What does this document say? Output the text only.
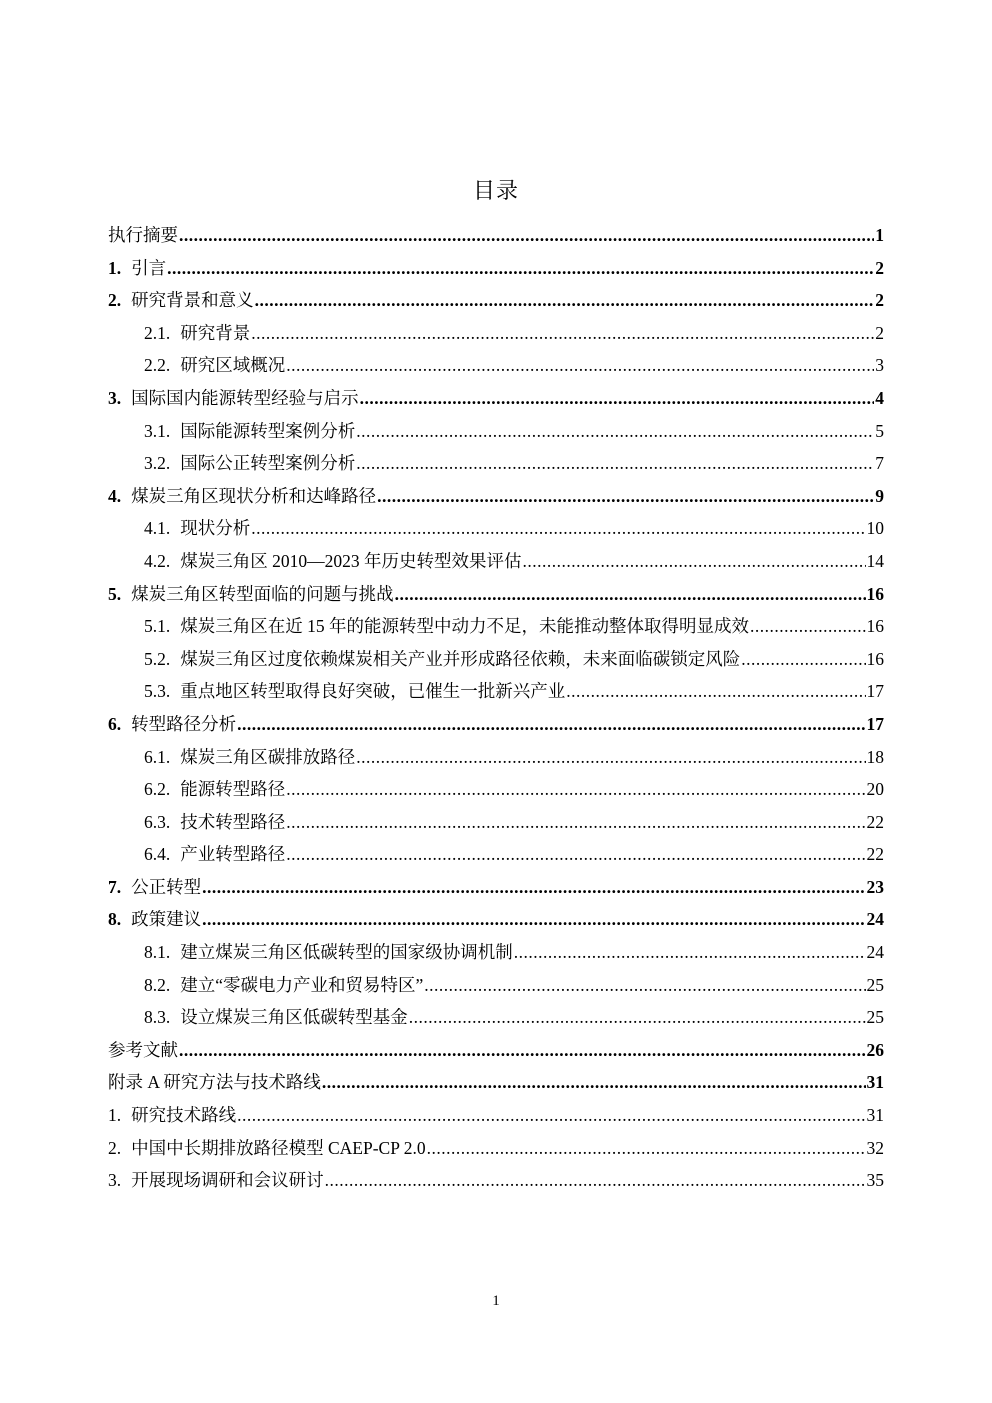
目录
执行摘要 .....	1
1. 引言 .....	2
2. 研究背景和意义 .....	2
2.1. 研究背景 .....	2
2.2. 研究区域概况 .....	3
3. 国际国内能源转型经验与启示 .....	4
3.1. 国际能源转型案例分析 .....	5
3.2. 国际公正转型案例分析 .....	7
4. 煤炭三角区现状分析和达峰路径 .....	9
4.1. 现状分析 .....	10
4.2. 煤炭三角区 2010—2023 年历史转型效果评估 .....	14
5. 煤炭三角区转型面临的问题与挑战 .....	16
5.1. 煤炭三角区在近 15 年的能源转型中动力不足，未能推动整体取得明显成效 .....	16
5.2. 煤炭三角区过度依赖煤炭相关产业并形成路径依赖，未来面临碳锁定风险 .....	16
5.3. 重点地区转型取得良好突破，已催生一批新兴产业 .....	17
6. 转型路径分析 .....	17
6.1. 煤炭三角区碳排放路径 .....	18
6.2. 能源转型路径 .....	20
6.3. 技术转型路径 .....	22
6.4. 产业转型路径 .....	22
7. 公正转型 .....	23
8. 政策建议 .....	24
8.1. 建立煤炭三角区低碳转型的国家级协调机制 .....	24
8.2. 建立“零碳电力产业和贸易特区” .....	25
8.3. 设立煤炭三角区低碳转型基金 .....	25
参考文献 .....	26
附录 A 研究方法与技术路线 .....	31
1. 研究技术路线 .....	31
2. 中国中长期排放路径模型 CAEP-CP 2.0 .....	32
3. 开展现场调研和会议研讨 .....	35
1
